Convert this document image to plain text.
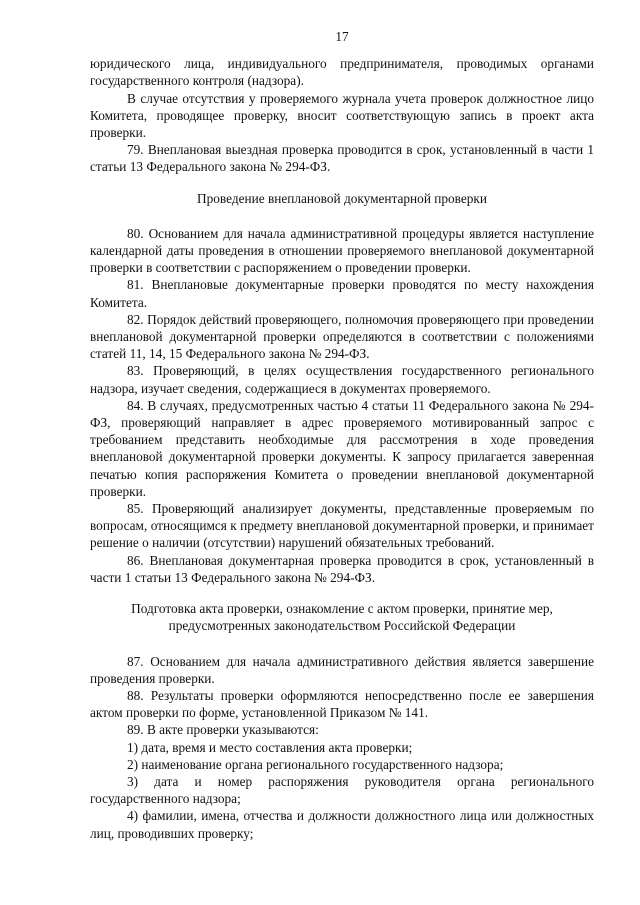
17

юридического лица, индивидуального предпринимателя, проводимых органами государственного контроля (надзора).

В случае отсутствия у проверяемого журнала учета проверок должностное лицо Комитета, проводящее проверку, вносит соответствующую запись в проект акта проверки.

79. Внеплановая выездная проверка проводится в срок, установленный в части 1 статьи 13 Федерального закона № 294-ФЗ.

Проведение внеплановой документарной проверки

80. Основанием для начала административной процедуры является наступление календарной даты проведения в отношении проверяемого внеплановой документарной проверки в соответствии с распоряжением о проведении проверки.

81. Внеплановые документарные проверки проводятся по месту нахождения Комитета.

82. Порядок действий проверяющего, полномочия проверяющего при проведении внеплановой документарной проверки определяются в соответствии с положениями статей 11, 14, 15 Федерального закона № 294-ФЗ.

83. Проверяющий, в целях осуществления государственного регионального надзора, изучает сведения, содержащиеся в документах проверяемого.

84. В случаях, предусмотренных частью 4 статьи 11 Федерального закона № 294-ФЗ, проверяющий направляет в адрес проверяемого мотивированный запрос с требованием представить необходимые для рассмотрения в ходе проведения внеплановой документарной проверки документы. К запросу прилагается заверенная печатью копия распоряжения Комитета о проведении внеплановой документарной проверки.

85. Проверяющий анализирует документы, представленные проверяемым по вопросам, относящимся к предмету внеплановой документарной проверки, и принимает решение о наличии (отсутствии) нарушений обязательных требований.

86. Внеплановая документарная проверка проводится в срок, установленный в части 1 статьи 13 Федерального закона № 294-ФЗ.

Подготовка акта проверки, ознакомление с актом проверки, принятие мер,

предусмотренных законодательством Российской Федерации

87. Основанием для начала административного действия является завершение проведения проверки.

88. Результаты проверки оформляются непосредственно после ее завершения актом проверки по форме, установленной Приказом № 141.

89. В акте проверки указываются:

1) дата, время и место составления акта проверки;

2) наименование органа регионального государственного надзора;

3) дата и номер распоряжения руководителя органа регионального государственного надзора;

4) фамилии, имена, отчества и должности должностного лица или должностных лиц, проводивших проверку;
